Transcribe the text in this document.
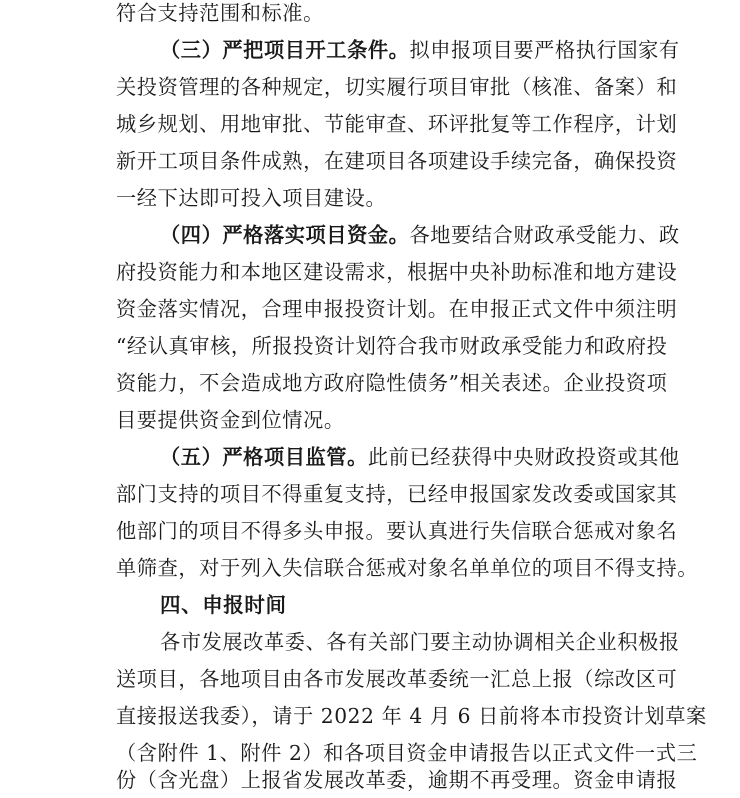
符合支持范围和标准。
（三）严把项目开工条件。拟申报项目要严格执行国家有
关投资管理的各种规定，切实履行项目审批（核准、备案）和
城乡规划、用地审批、节能审查、环评批复等工作程序，计划
新开工项目条件成熟，在建项目各项建设手续完备，确保投资
一经下达即可投入项目建设。
（四）严格落实项目资金。各地要结合财政承受能力、政
府投资能力和本地区建设需求，根据中央补助标准和地方建设
资金落实情况，合理申报投资计划。在申报正式文件中须注明
“经认真审核，所报投资计划符合我市财政承受能力和政府投
资能力，不会造成地方政府隐性债务”相关表述。企业投资项
目要提供资金到位情况。
（五）严格项目监管。此前已经获得中央财政投资或其他
部门支持的项目不得重复支持，已经申报国家发改委或国家其
他部门的项目不得多头申报。要认真进行失信联合惩戒对象名
单筛查，对于列入失信联合惩戒对象名单单位的项目不得支持。
四、申报时间
各市发展改革委、各有关部门要主动协调相关企业积极报
送项目，各地项目由各市发展改革委统一汇总上报（综改区可
直接报送我委），请于 2022 年 4 月 6 日前将本市投资计划草案
（含附件 1、附件 2）和各项目资金申请报告以正式文件一式三
份（含光盘）上报省发展改革委，逾期不再受理。资金申请报
